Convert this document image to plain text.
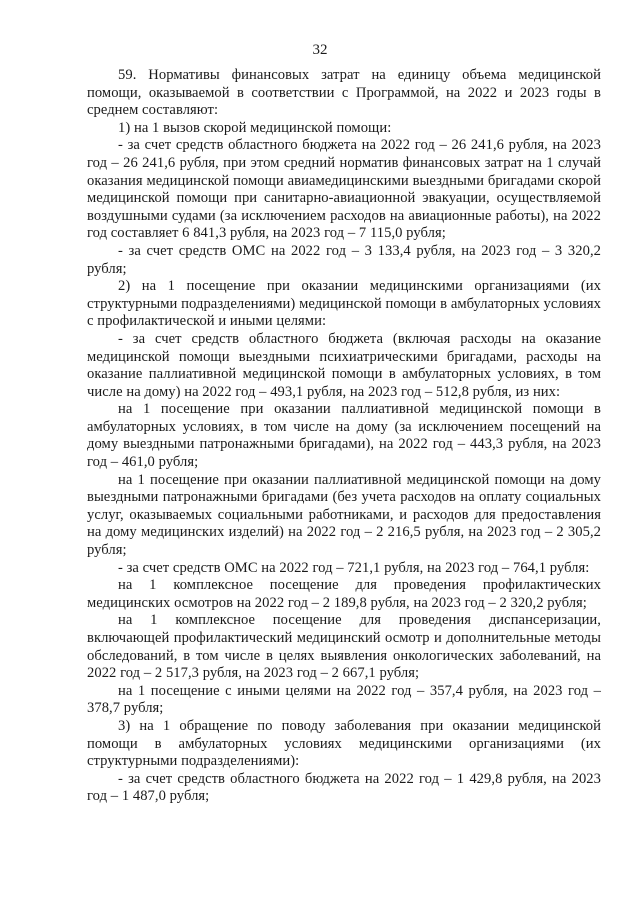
32

59. Нормативы финансовых затрат на единицу объема медицинской помощи, оказываемой в соответствии с Программой, на 2022 и 2023 годы в среднем составляют:

1) на 1 вызов скорой медицинской помощи:

- за счет средств областного бюджета на 2022 год – 26 241,6 рубля, на 2023 год – 26 241,6 рубля, при этом средний норматив финансовых затрат на 1 случай оказания медицинской помощи авиамедицинскими выездными бригадами скорой медицинской помощи при санитарно-авиационной эвакуации, осуществляемой воздушными судами (за исключением расходов на авиационные работы), на 2022 год составляет 6 841,3 рубля, на 2023 год – 7 115,0 рубля;

- за счет средств ОМС на 2022 год – 3 133,4 рубля, на 2023 год – 3 320,2 рубля;

2) на 1 посещение при оказании медицинскими организациями (их структурными подразделениями) медицинской помощи в амбулаторных условиях с профилактической и иными целями:

- за счет средств областного бюджета (включая расходы на оказание медицинской помощи выездными психиатрическими бригадами, расходы на оказание паллиативной медицинской помощи в амбулаторных условиях, в том числе на дому) на 2022 год – 493,1 рубля, на 2023 год – 512,8 рубля, из них:

на 1 посещение при оказании паллиативной медицинской помощи в амбулаторных условиях, в том числе на дому (за исключением посещений на дому выездными патронажными бригадами), на 2022 год – 443,3 рубля, на 2023 год – 461,0 рубля;

на 1 посещение при оказании паллиативной медицинской помощи на дому выездными патронажными бригадами (без учета расходов на оплату социальных услуг, оказываемых социальными работниками, и расходов для предоставления на дому медицинских изделий) на 2022 год – 2 216,5 рубля, на 2023 год – 2 305,2 рубля;

- за счет средств ОМС на 2022 год – 721,1 рубля, на 2023 год – 764,1 рубля:

на 1 комплексное посещение для проведения профилактических медицинских осмотров на 2022 год – 2 189,8 рубля, на 2023 год – 2 320,2 рубля;

на 1 комплексное посещение для проведения диспансеризации, включающей профилактический медицинский осмотр и дополнительные методы обследований, в том числе в целях выявления онкологических заболеваний, на 2022 год – 2 517,3 рубля, на 2023 год – 2 667,1 рубля;

на 1 посещение с иными целями на 2022 год – 357,4 рубля, на 2023 год – 378,7 рубля;

3) на 1 обращение по поводу заболевания при оказании медицинской помощи в амбулаторных условиях медицинскими организациями (их структурными подразделениями):

- за счет средств областного бюджета на 2022 год – 1 429,8 рубля, на 2023 год – 1 487,0 рубля;
